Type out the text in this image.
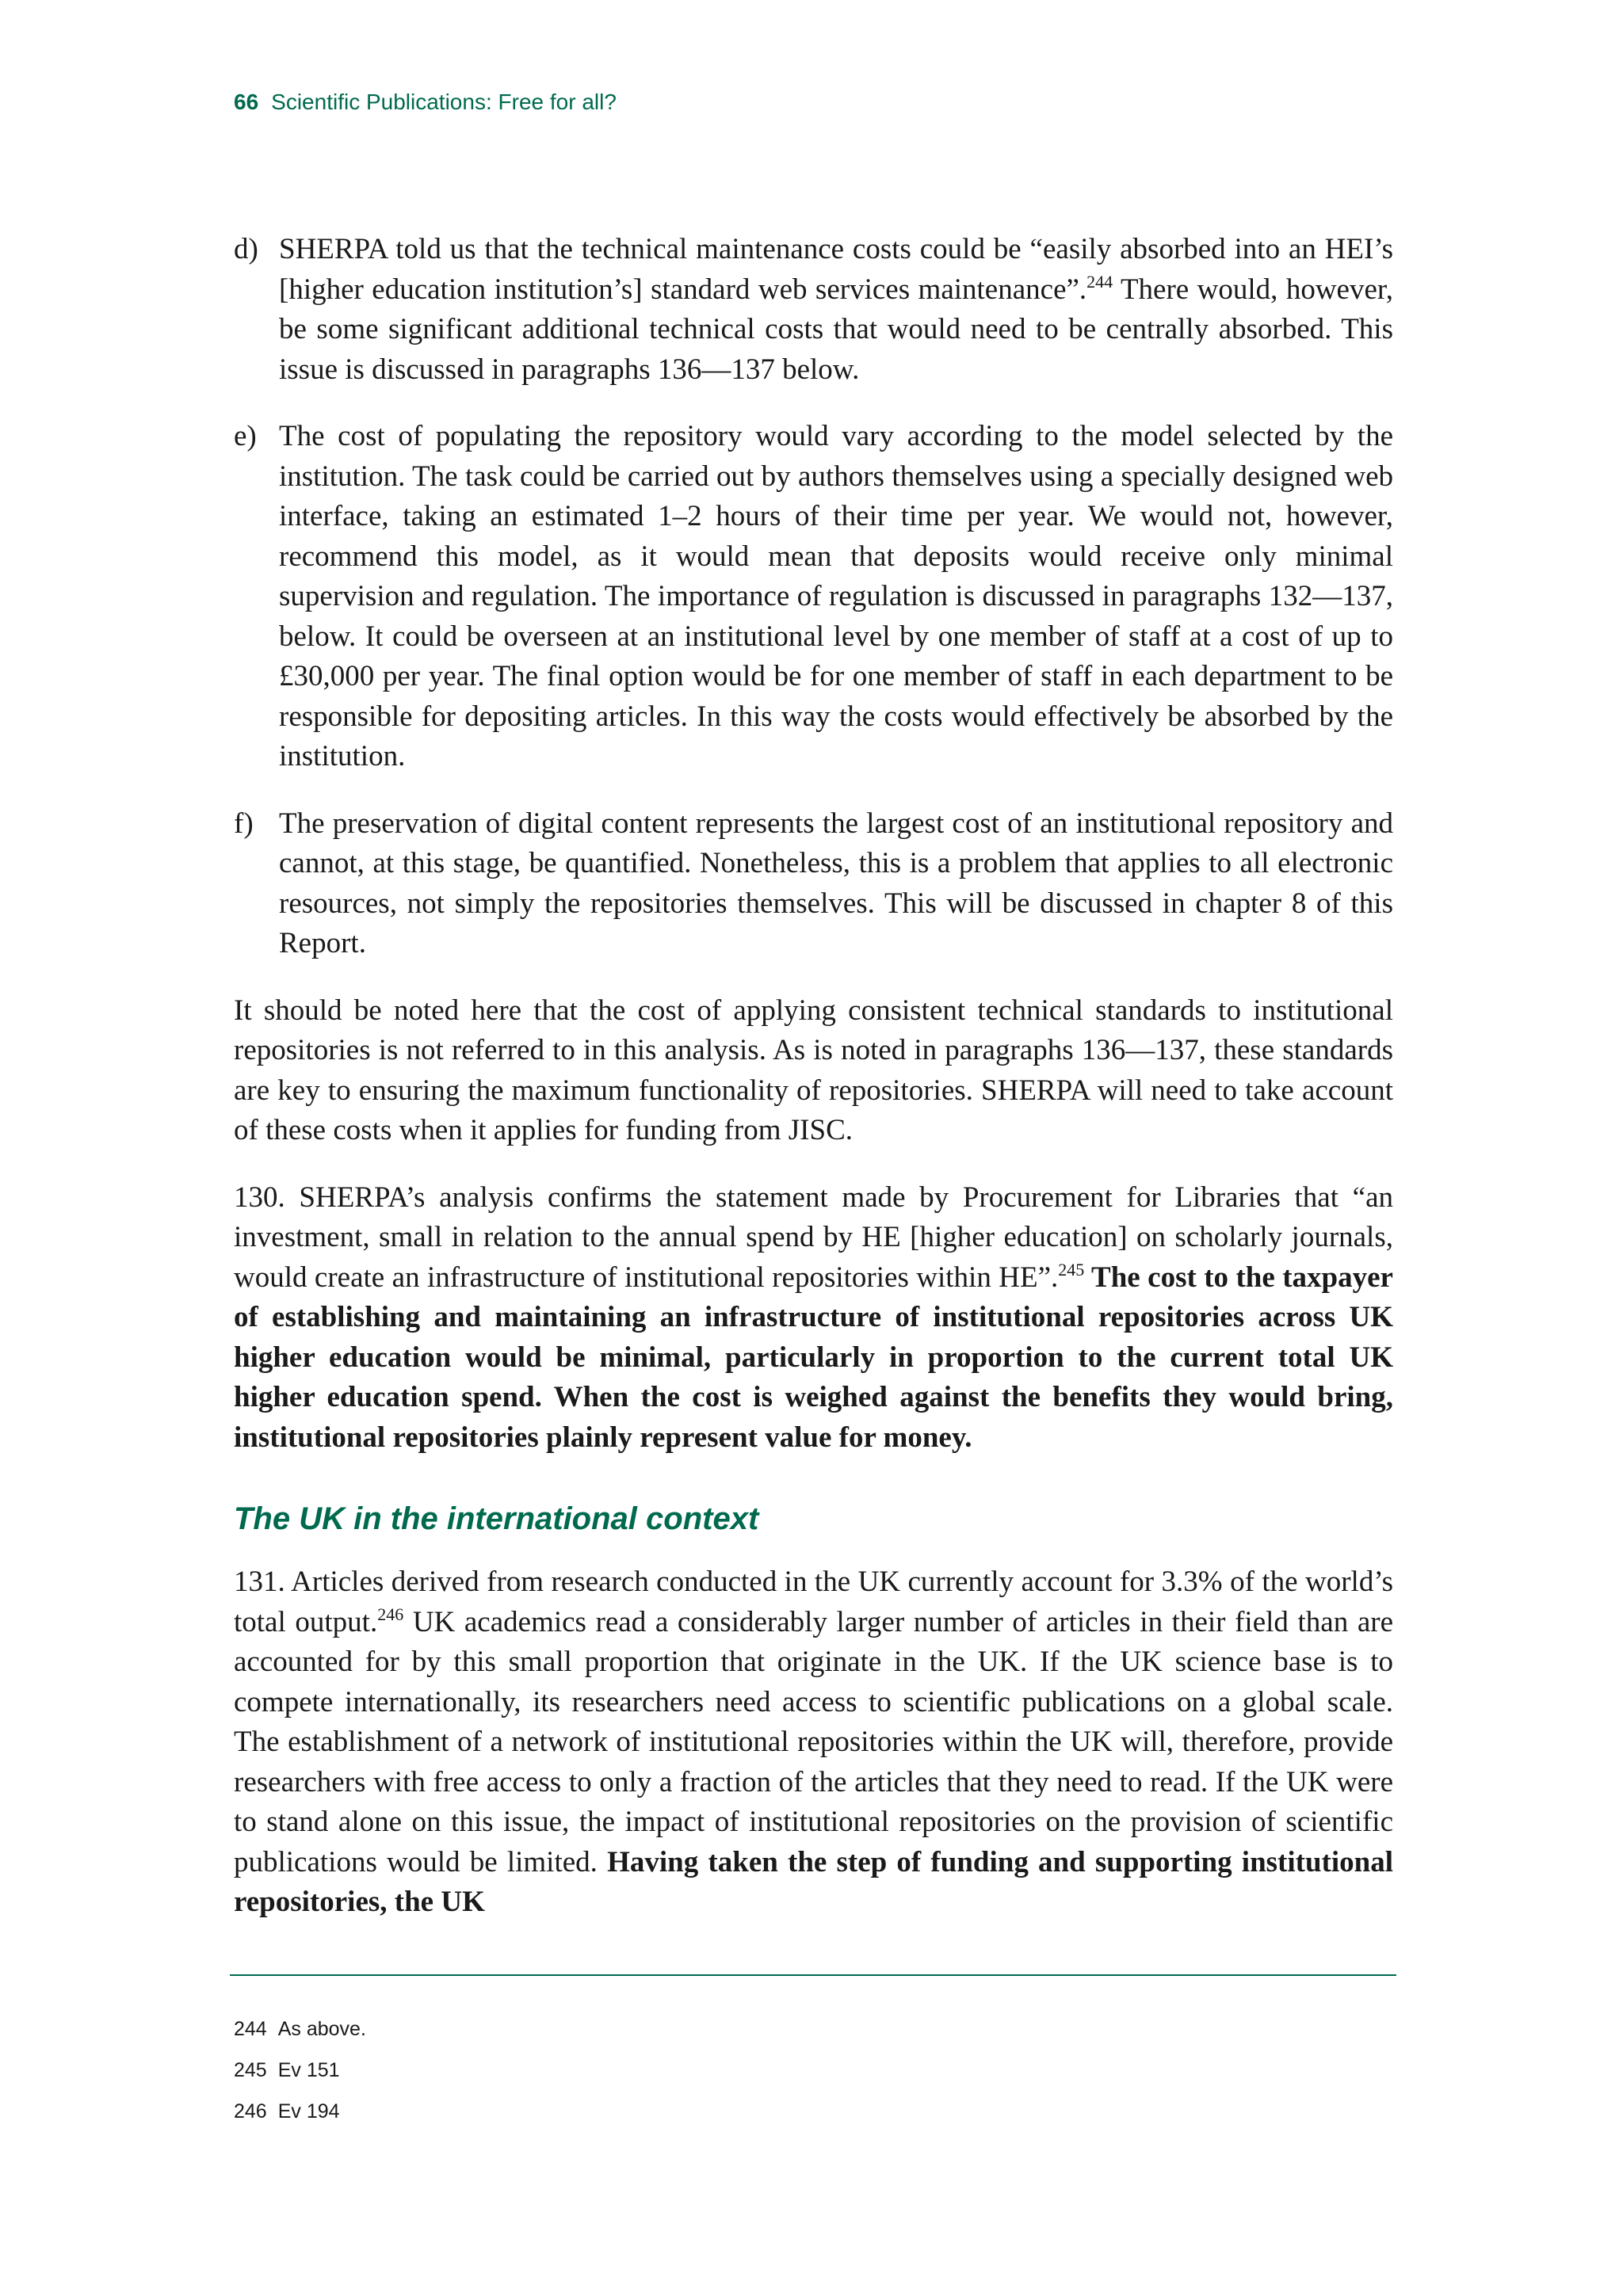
66 Scientific Publications: Free for all?
d) SHERPA told us that the technical maintenance costs could be “easily absorbed into an HEI’s [higher education institution’s] standard web services maintenance”.$^{244}$ There would, however, be some significant additional technical costs that would need to be centrally absorbed. This issue is discussed in paragraphs 136—137 below.
e) The cost of populating the repository would vary according to the model selected by the institution. The task could be carried out by authors themselves using a specially designed web interface, taking an estimated 1–2 hours of their time per year. We would not, however, recommend this model, as it would mean that deposits would receive only minimal supervision and regulation. The importance of regulation is discussed in paragraphs 132—137, below. It could be overseen at an institutional level by one member of staff at a cost of up to £30,000 per year. The final option would be for one member of staff in each department to be responsible for depositing articles. In this way the costs would effectively be absorbed by the institution.
f) The preservation of digital content represents the largest cost of an institutional repository and cannot, at this stage, be quantified. Nonetheless, this is a problem that applies to all electronic resources, not simply the repositories themselves. This will be discussed in chapter 8 of this Report.

It should be noted here that the cost of applying consistent technical standards to institutional repositories is not referred to in this analysis. As is noted in paragraphs 136—137, these standards are key to ensuring the maximum functionality of repositories. SHERPA will need to take account of these costs when it applies for funding from JISC.

130. SHERPA’s analysis confirms the statement made by Procurement for Libraries that “an investment, small in relation to the annual spend by HE [higher education] on scholarly journals, would create an infrastructure of institutional repositories within HE”.$^{245}$ The cost to the taxpayer of establishing and maintaining an infrastructure of institutional repositories across UK higher education would be minimal, particularly in proportion to the current total UK higher education spend. When the cost is weighed against the benefits they would bring, institutional repositories plainly represent value for money.

The UK in the international context

131. Articles derived from research conducted in the UK currently account for 3.3% of the world’s total output.$^{246}$ UK academics read a considerably larger number of articles in their field than are accounted for by this small proportion that originate in the UK. If the UK science base is to compete internationally, its researchers need access to scientific publications on a global scale. The establishment of a network of institutional repositories within the UK will, therefore, provide researchers with free access to only a fraction of the articles that they need to read. If the UK were to stand alone on this issue, the impact of institutional repositories on the provision of scientific publications would be limited. Having taken the step of funding and supporting institutional repositories, the UK

244 As above.
245 Ev 151
246 Ev 194
